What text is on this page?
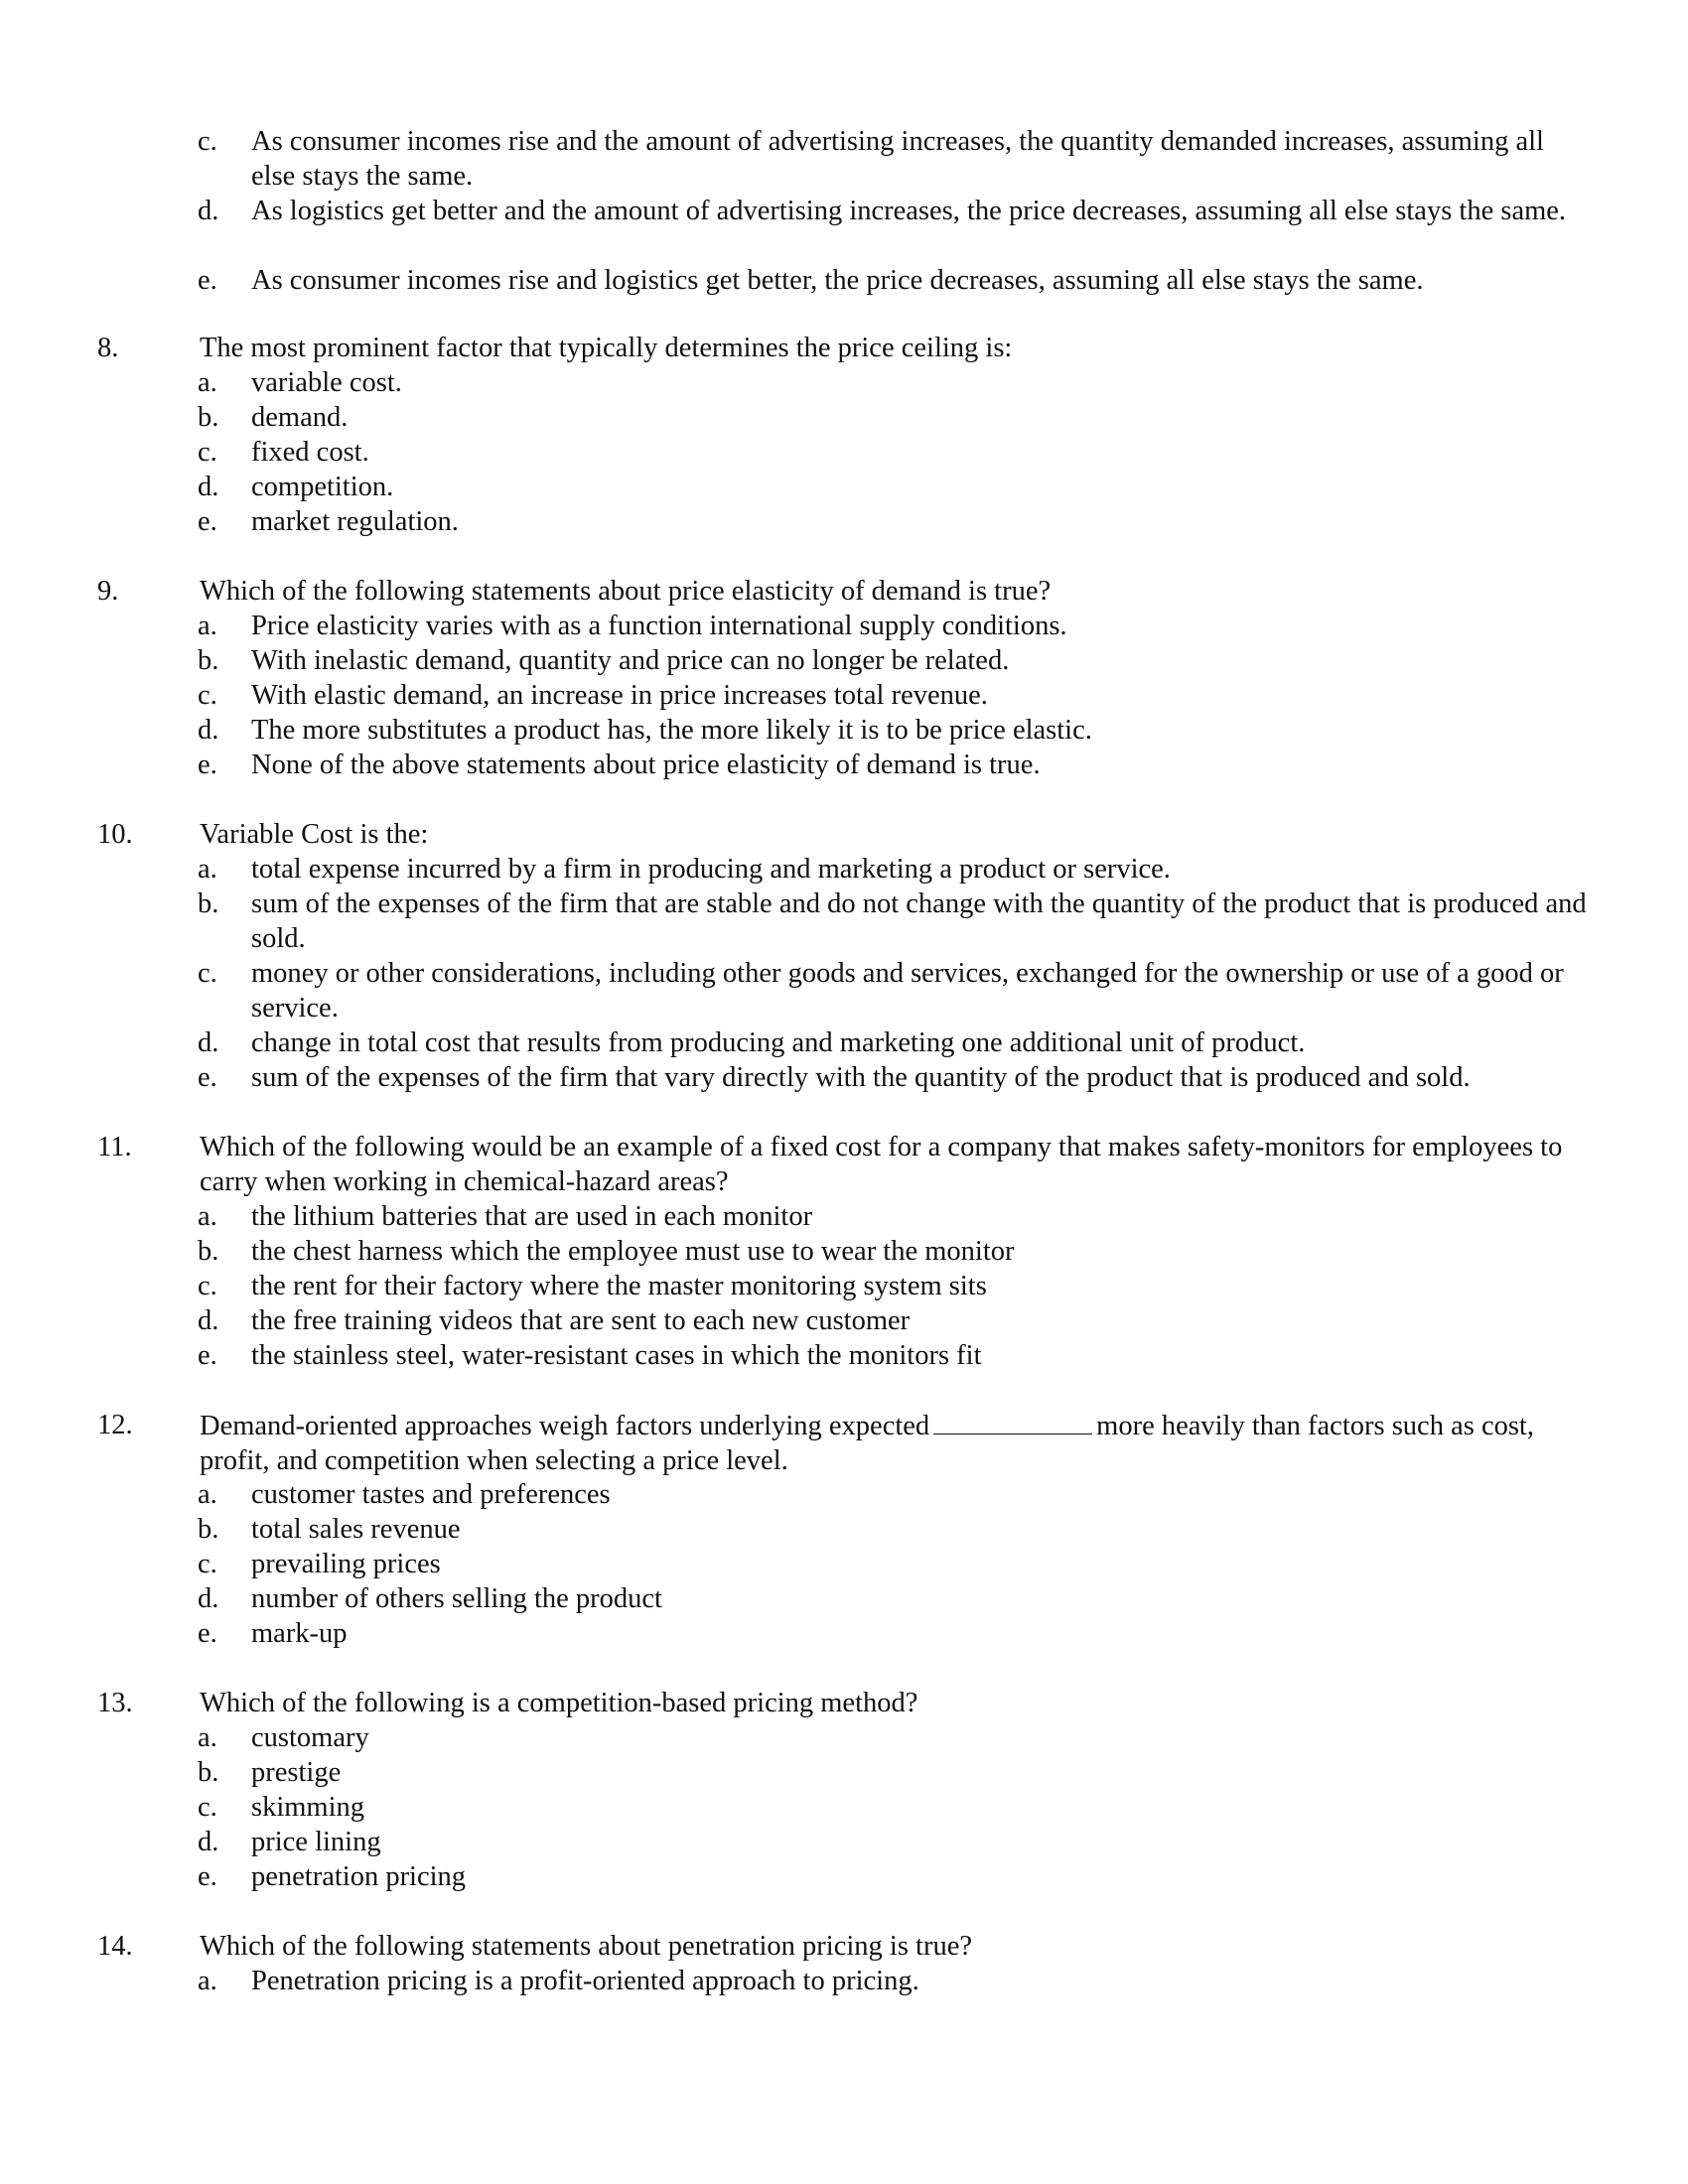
c.	As consumer incomes rise and the amount of advertising increases, the quantity demanded increases, assuming all else stays the same.
d.	As logistics get better and the amount of advertising increases, the price decreases, assuming all else stays the same.
e.	As consumer incomes rise and logistics get better, the price decreases, assuming all else stays the same.
8.	The most prominent factor that typically determines the price ceiling is:
a.	variable cost.
b.	demand.
c.	fixed cost.
d.	competition.
e.	market regulation.
9.	Which of the following statements about price elasticity of demand is true?
a.	Price elasticity varies with as a function international supply conditions.
b.	With inelastic demand, quantity and price can no longer be related.
c.	With elastic demand, an increase in price increases total revenue.
d.	The more substitutes a product has, the more likely it is to be price elastic.
e.	None of the above statements about price elasticity of demand is true.
10. Variable Cost is the:
a.	total expense incurred by a firm in producing and marketing a product or service.
b.	sum of the expenses of the firm that are stable and do not change with the quantity of the product that is produced and sold.
c.	money or other considerations, including other goods and services, exchanged for the ownership or use of a good or service.
d.	change in total cost that results from producing and marketing one additional unit of product.
e.	sum of the expenses of the firm that vary directly with the quantity of the product that is produced and sold.
11. Which of the following would be an example of a fixed cost for a company that makes safety-monitors for employees to carry when working in chemical-hazard areas?
a.	the lithium batteries that are used in each monitor
b.	the chest harness which the employee must use to wear the monitor
c.	the rent for their factory where the master monitoring system sits
d.	the free training videos that are sent to each new customer
e.	the stainless steel, water-resistant cases in which the monitors fit
12. Demand-oriented approaches weigh factors underlying expected	more heavily than factors such as cost, profit, and competition when selecting a price level.
a.	customer tastes and preferences
b.	total sales revenue
c.	prevailing prices
d.	number of others selling the product
e.	mark-up
13. Which of the following is a competition-based pricing method?
a.	customary
b.	prestige
c.	skimming
d.	price lining
e.	penetration pricing
14. Which of the following statements about penetration pricing is true?
a.	Penetration pricing is a profit-oriented approach to pricing.
